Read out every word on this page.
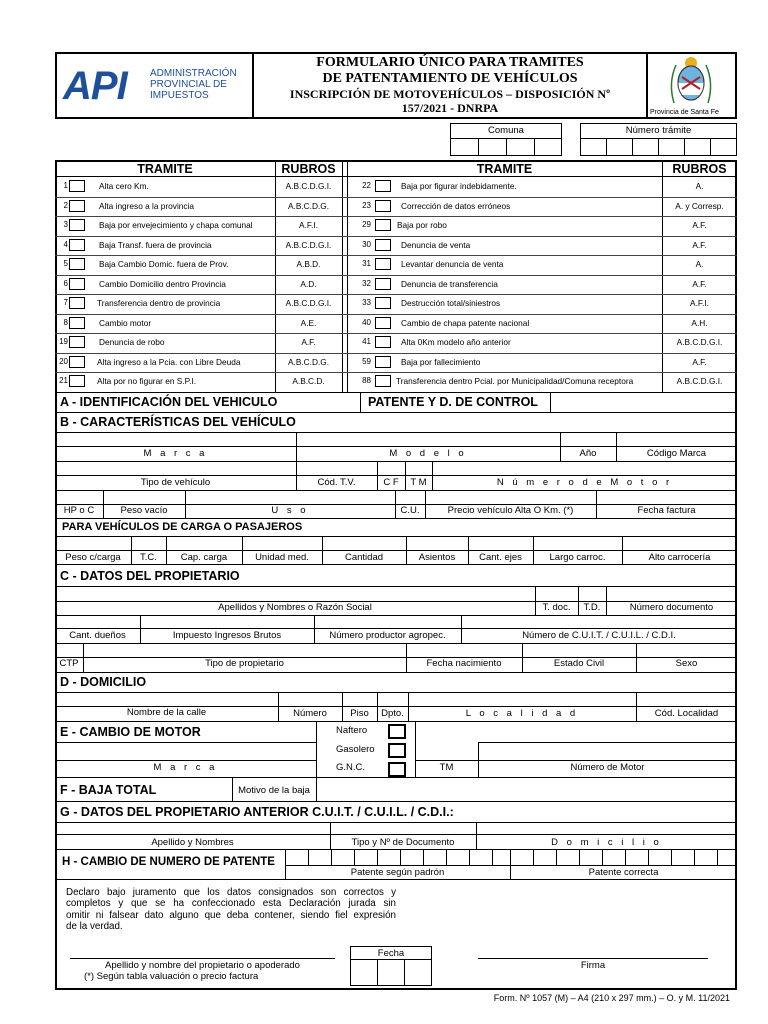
API ADMINISTRACIÓN
PROVINCIAL DE
IMPUESTOS
FORMULARIO ÚNICO PARA TRAMITES
DE PATENTAMIENTO DE VEHÍCULOS
INSCRIPCIÓN DE MOTOVEHÍCULOS – DISPOSICIÓN Nº
157/2021 - DNRPA	Provincia de Santa Fe
Comuna	Número trámite
TRAMITE	RUBROS	TRAMITE	RUBROS
1	Alta cero Km.	A.B.C.D.G.I.	22	Baja por figurar indebidamente.	A.
2	Alta ingreso a la provincia	A.B.C.D.G.	23	Corrección de datos erróneos	A. y Corresp.
3	Baja por envejecimiento y chapa comunal	A.F.I.	29	Baja por robo	A.F.
4	Baja Transf. fuera de provincia	A.B.C.D.G.I.	30	Denuncia de venta	A.F.
5	Baja Cambio Domic. fuera de Prov.	A.B.D.	31	Levantar denuncia de venta	A.
6	Cambio Domicilio dentro Provincia	A.D.	32	Denuncia de transferencia	A.F.
7	Transferencia dentro de provincia	A.B.C.D.G.I.	33	Destrucción total/siniestros	A.F.I.
8	Cambio motor	A.E.	40	Cambio de chapa patente nacional	A.H.
19	Denuncia de robo	A.F.	41	Alta 0Km modelo año anterior	A.B.C.D.G.I.
20	Alta ingreso a la Pcia. con Libre Deuda	A.B.C.D.G.	59	Baja por fallecimiento	A.F.
21	Alta por no figurar en S.P.I.	A.B.C.D.	88	Transferencia dentro Pcial. por Municipalidad/Comuna receptora	A.B.C.D.G.I.
A - IDENTIFICACIÓN DEL VEHICULO	PATENTE Y D. DE CONTROL
B - CARACTERÍSTICAS DEL VEHÍCULO
M a r c a	M o d e l o	Año	Código Marca
Tipo de vehículo	Cód. T.V.	C F	T M	N ú m e r o d e M o t o r
HP o C	Peso vacío	U s o	C.U.	Precio vehículo Alta O Km. (*)	Fecha factura
PARA VEHÍCULOS DE CARGA O PASAJEROS
Peso c/carga	T.C.	Cap. carga	Unidad med.	Cantidad	Asientos	Cant. ejes	Largo carroc.	Alto carrocería
C - DATOS DEL PROPIETARIO
Apellidos y Nombres o Razón Social	T. doc.	T.D.	Número documento
Cant. dueños	Impuesto Ingresos Brutos	Número productor agropec.	Número de C.U.I.T. / C.U.I.L. / C.D.I.
CTP	Tipo de propietario	Fecha nacimiento	Estado Civil	Sexo
D - DOMICILIO
Nombre de la calle	Número	Piso	Dpto.	L o c a l i d a d	Cód. Localidad
E - CAMBIO DE MOTOR	Naftero
Gasolero
G.N.C.
M a r c a	TM	Número de Motor
F - BAJA TOTAL	Motivo de la baja
G - DATOS DEL PROPIETARIO ANTERIOR C.U.I.T. / C.U.I.L. / C.D.I.:
Apellido y Nombres	Tipo y Nº de Documento	D o m i c i l i o
H - CAMBIO DE NUMERO DE PATENTE
Patente según padrón	Patente correcta
Declaro bajo juramento que los datos consignados son correctos y
completos y que se ha confeccionado esta Declaración jurada sin
omitir ni falsear dato alguno que deba contener, siendo fiel expresión
de la verdad.
Fecha
Apellido y nombre del propietario o apoderado
(*) Según tabla valuación o precio factura
Firma
Form. Nº 1057 (M) – A4 (210 x 297 mm.) – O. y M. 11/2021
